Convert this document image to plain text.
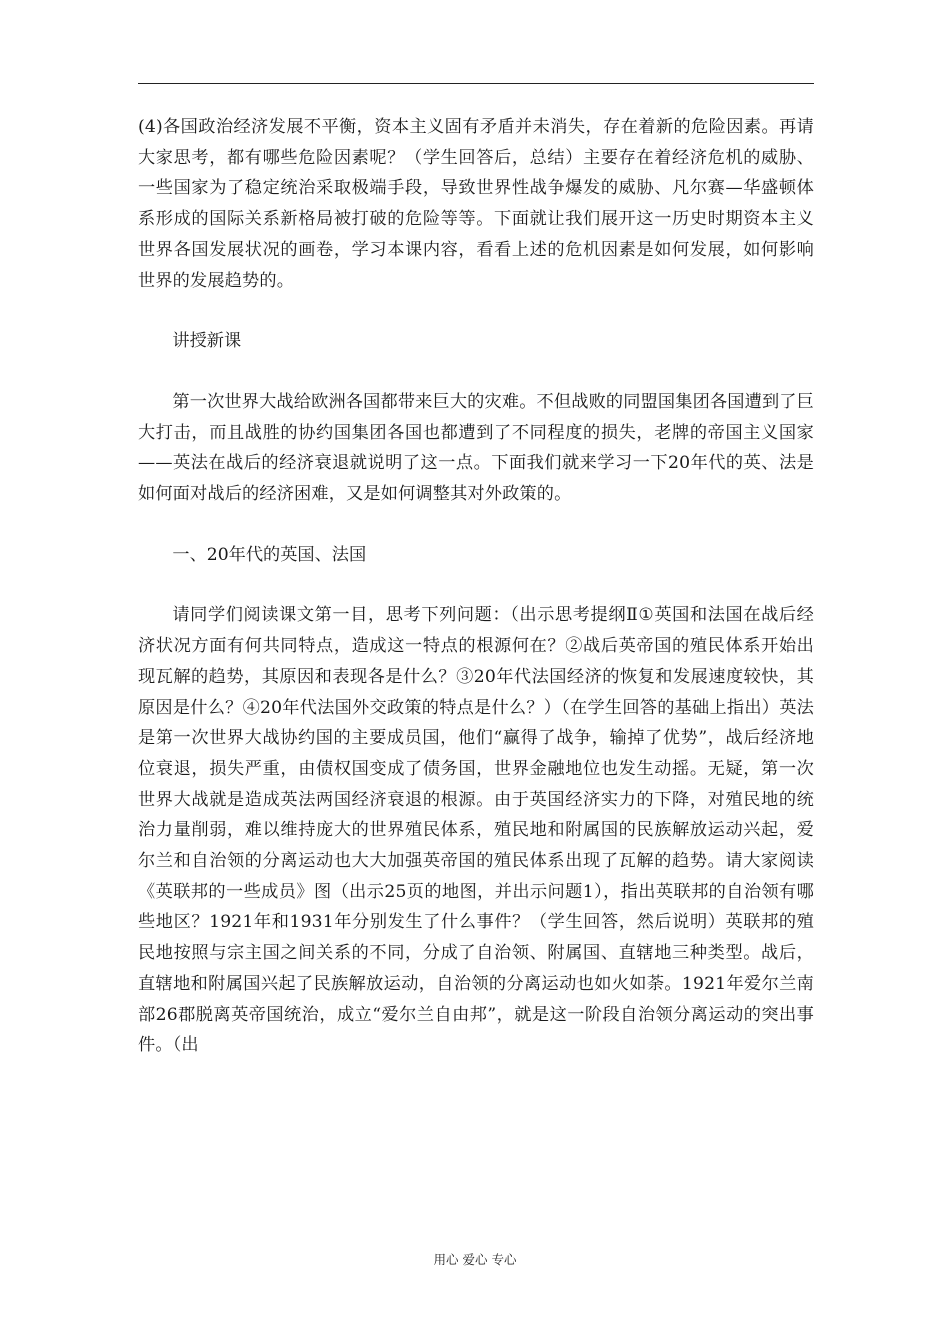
(4)各国政治经济发展不平衡，资本主义固有矛盾并未消失，存在着新的危险因素。再请大家思考，都有哪些危险因素呢？（学生回答后，总结）主要存在着经济危机的威胁、一些国家为了稳定统治采取极端手段，导致世界性战争爆发的威胁、凡尔赛—华盛顿体系形成的国际关系新格局被打破的危险等等。下面就让我们展开这一历史时期资本主义世界各国发展状况的画卷，学习本课内容，看看上述的危机因素是如何发展，如何影响世界的发展趋势的。

讲授新课

第一次世界大战给欧洲各国都带来巨大的灾难。不但战败的同盟国集团各国遭到了巨大打击，而且战胜的协约国集团各国也都遭到了不同程度的损失，老牌的帝国主义国家——英法在战后的经济衰退就说明了这一点。下面我们就来学习一下20年代的英、法是如何面对战后的经济困难，又是如何调整其对外政策的。

一、20年代的英国、法国

请同学们阅读课文第一目，思考下列问题：（出示思考提纲Ⅱ①英国和法国在战后经济状况方面有何共同特点，造成这一特点的根源何在？②战后英帝国的殖民体系开始出现瓦解的趋势，其原因和表现各是什么？③20年代法国经济的恢复和发展速度较快，其原因是什么？④20年代法国外交政策的特点是什么？）（在学生回答的基础上指出）英法是第一次世界大战协约国的主要成员国，他们“赢得了战争，输掉了优势”，战后经济地位衰退，损失严重，由债权国变成了债务国，世界金融地位也发生动摇。无疑，第一次世界大战就是造成英法两国经济衰退的根源。由于英国经济实力的下降，对殖民地的统治力量削弱，难以维持庞大的世界殖民体系，殖民地和附属国的民族解放运动兴起，爱尔兰和自治领的分离运动也大大加强英帝国的殖民体系出现了瓦解的趋势。请大家阅读《英联邦的一些成员》图（出示25页的地图，并出示问题1），指出英联邦的自治领有哪些地区？1921年和1931年分别发生了什么事件？（学生回答，然后说明）英联邦的殖民地按照与宗主国之间关系的不同，分成了自治领、附属国、直辖地三种类型。战后，直辖地和附属国兴起了民族解放运动，自治领的分离运动也如火如荼。1921年爱尔兰南部26郡脱离英帝国统治，成立“爱尔兰自由邦”，就是这一阶段自治领分离运动的突出事件。（出

用心 爱心 专心
